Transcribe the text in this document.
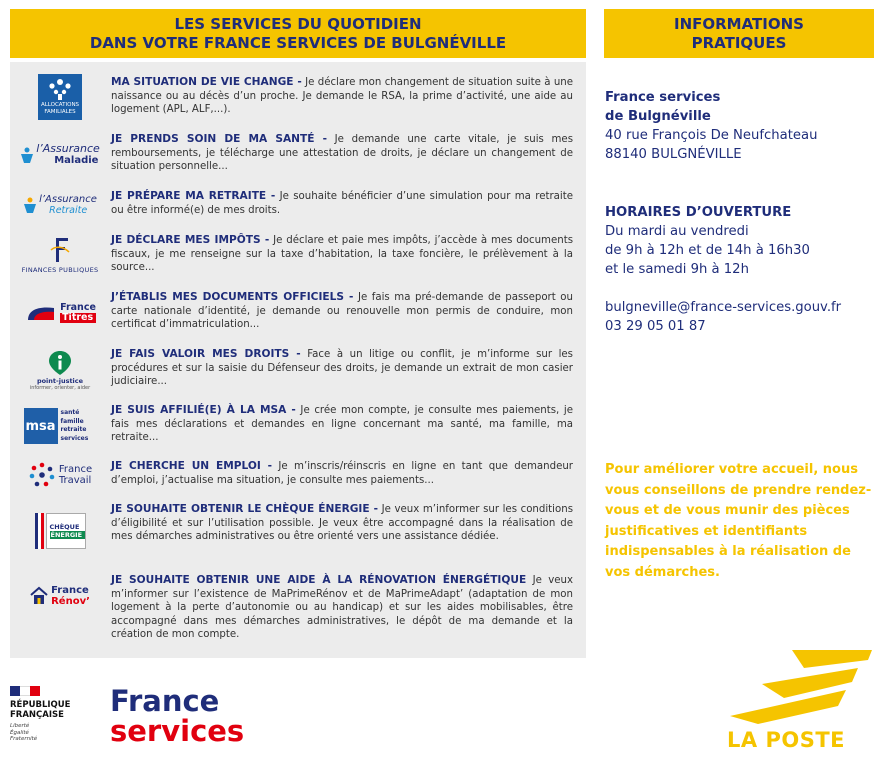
LES SERVICES DU QUOTIDIEN
DANS VOTRE FRANCE SERVICES DE BULGNÉVILLE
INFORMATIONS
PRATIQUES
ALLOCATIONS
FAMILIALES
MA SITUATION DE VIE CHANGE - Je déclare mon changement de situation suite à une naissance ou au décès d’un proche. Je demande le RSA, la prime d’activité, une aide au logement (APL, ALF,...).
l’Assurance
Maladie
JE PRENDS SOIN DE MA SANTÉ - Je demande une carte vitale, je suis mes remboursements, je télécharge une attestation de droits, je déclare un changement de situation personnelle...
l’Assurance
Retraite
JE PRÉPARE MA RETRAITE - Je souhaite bénéficier d’une simulation pour ma retraite ou être informé(e) de mes droits.
FINANCES PUBLIQUES
JE DÉCLARE MES IMPÔTS - Je déclare et paie mes impôts, j’accède à mes documents fiscaux, je me renseigne sur la taxe d’habitation, la taxe foncière, le prélèvement à la source...
France
Titres
J’ÉTABLIS MES DOCUMENTS OFFICIELS - Je fais ma pré-demande de passeport ou carte nationale d’identité, je demande ou renouvelle mon permis de conduire, mon certificat d’immatriculation...
point-justice
informer, orienter, aider
JE FAIS VALOIR MES DROITS - Face à un litige ou conflit, je m’informe sur les procédures et sur la saisie du Défenseur des droits, je demande un extrait de mon casier judiciaire...
msa
santé famille retraite services
JE SUIS AFFILIÉ(E) À LA MSA - Je crée mon compte, je consulte mes paiements, je fais mes déclarations et demandes en ligne concernant ma santé, ma famille, ma retraite...
France
Travail
JE CHERCHE UN EMPLOI - Je m’inscris/réinscris en ligne en tant que demandeur d’emploi, j’actualise ma situation, je consulte mes paiements...
CHÈQUE
ÉNERGIE
JE SOUHAITE OBTENIR LE CHÈQUE ÉNERGIE - Je veux m’informer sur les conditions d’éligibilité et sur l’utilisation possible. Je veux être accompagné dans la réalisation de mes démarches administratives ou être orienté vers une assistance dédiée.
France
Rénov’
JE SOUHAITE OBTENIR UNE AIDE À LA RÉNOVATION ÉNERGÉTIQUE Je veux m’informer sur l’existence de MaPrimeRénov et de MaPrimeAdapt’ (adaptation de mon logement à la perte d’autonomie ou au handicap) et sur les aides mobilisables, être accompagné dans mes démarches administratives, le dépôt de ma demande et la création de mon compte.
France services
de Bulgnéville
40 rue François De Neufchateau
88140 BULGNÉVILLE
HORAIRES D’OUVERTURE
Du mardi au vendredi
de 9h à 12h et de 14h à 16h30
et le samedi 9h à 12h
bulgneville@france-services.gouv.fr
03 29 05 01 87
Pour améliorer votre accueil, nous vous conseillons de prendre rendez-vous et de vous munir des pièces justificatives et identifiants indispensables à la réalisation de vos démarches.
RÉPUBLIQUE
FRANÇAISE
Liberté
Égalité
Fraternité
France
services	LA POSTE
